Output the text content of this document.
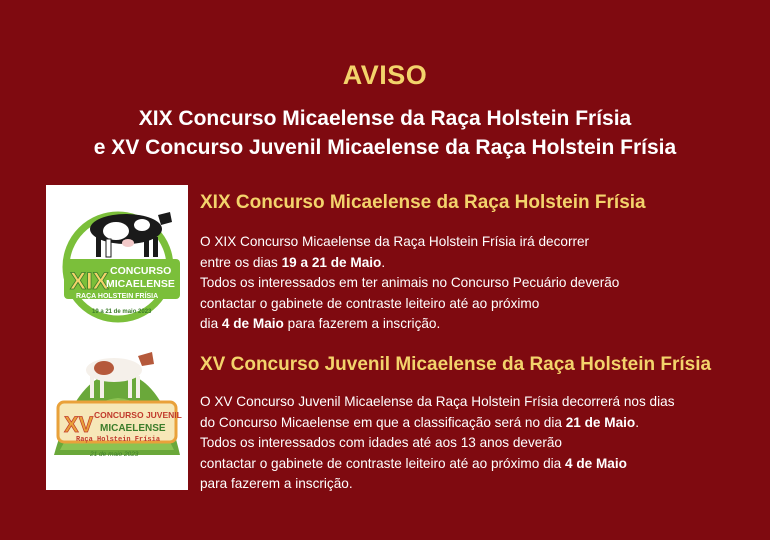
AVISO
XIX Concurso Micaelense da Raça Holstein Frísia
e XV Concurso Juvenil Micaelense da Raça Holstein Frísia
XIX CONCURSO
MICAELENSE
RAÇA HOLSTEIN FRÍSIA
19 a 21 de maio 2023
XV CONCURSO JUVENIL
MICAELENSE
Raça Holstein Frísia
21 de maio 2023
XIX Concurso Micaelense da Raça Holstein Frísia
O XIX Concurso Micaelense da Raça Holstein Frísia irá decorrer
entre os dias 19 a 21 de Maio.
Todos os interessados em ter animais no Concurso Pecuário deverão
contactar o gabinete de contraste leiteiro até ao próximo
dia 4 de Maio para fazerem a inscrição.
XV Concurso Juvenil Micaelense da Raça Holstein Frísia
O XV Concurso Juvenil Micaelense da Raça Holstein Frísia decorrerá nos dias
do Concurso Micaelense em que a classificação será no dia 21 de Maio.
Todos os interessados com idades até aos 13 anos deverão
contactar o gabinete de contraste leiteiro até ao próximo dia 4 de Maio
para fazerem a inscrição.
